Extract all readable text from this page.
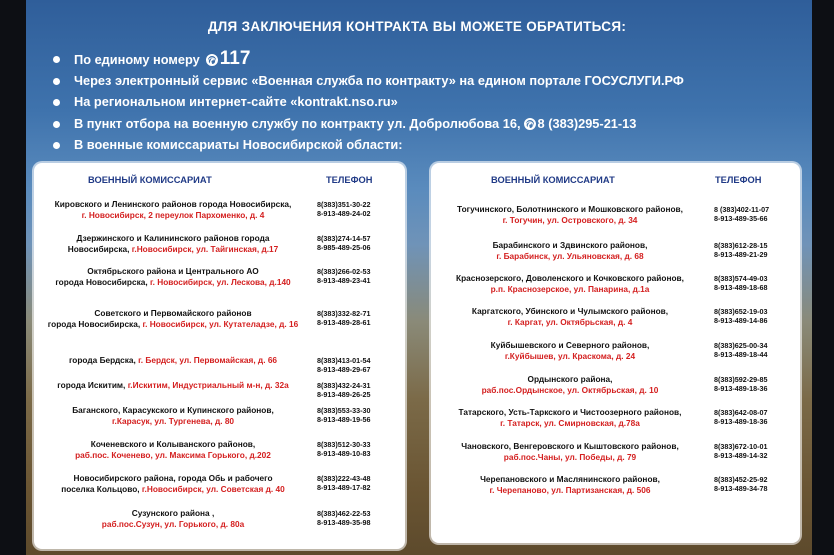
ДЛЯ ЗАКЛЮЧЕНИЯ КОНТРАКТА ВЫ МОЖЕТЕ ОБРАТИТЬСЯ:
По единому номеру ✆ 117
Через электронный сервис «Военная служба по контракту» на едином портале ГОСУСЛУГИ.РФ
На региональном интернет-сайте «kontrakt.nso.ru»
В пункт отбора на военную службу по контракту ул. Добролюбова 16, ✆ 8 (383)295-21-13
В военные комиссариаты Новосибирской области:
ВОЕННЫЙ КОМИССАРИАТ	ТЕЛЕФОН
Кировского и Ленинского районов города Новосибирска,
г. Новосибирск, 2 переулок Пархоменко, д. 4
8(383)351-30-22
8-913-489-24-02
Дзержинского и Калининского районов города
Новосибирска, г.Новосибирск, ул. Тайгинская, д.17
8(383)274-14-57
8-985-489-25-06
Октябрьского района и Центрального АО
города Новосибирска, г. Новосибирск, ул. Лескова, д.140
8(383)266-02-53
8-913-489-23-41
Советского и Первомайского районов
города Новосибирска, г. Новосибирск, ул. Кутателадзе, д. 16
8(383)332-82-71
8-913-489-28-61
города Бердска, г. Бердск, ул. Первомайская, д. 66	8(383)413-01-54
8-913-489-29-67
города Искитим, г.Искитим, Индустриальный м-н, д. 32а	8(383)432-24-31
8-913-489-26-25
Баганского, Карасукского и Купинского районов,
г.Карасук, ул. Тургенева, д. 80
8(383)553-33-30
8-913-489-19-56
Коченевского и Колыванского районов,
раб.пос. Коченево, ул. Максима Горького, д.202
8(383)512-30-33
8-913-489-10-83
Новосибирского района, города Обь и рабочего
поселка Кольцово, г.Новосибирск, ул. Советская д. 40
8(383)222-43-48
8-913-489-17-82
Сузунского района ,
раб.пос.Сузун, ул. Горького, д. 80а
8(383)462-22-53
8-913-489-35-98
ВОЕННЫЙ КОМИССАРИАТ	ТЕЛЕФОН
Тогучинского, Болотнинского и Мошковского районов,
г. Тогучин, ул. Островского, д. 34
8 (383)402-11-07
8-913-489-35-66
Барабинского и Здвинского районов,
г. Барабинск, ул. Ульяновская, д. 68
8(383)612-28-15
8-913-489-21-29
Краснозерского, Доволенского и Кочковского районов,
р.п. Краснозерское, ул. Панарина, д.1а
8(383)574-49-03
8-913-489-18-68
Каргатского, Убинского и Чулымского районов,
г. Каргат, ул. Октябрьская, д. 4
8(383)652-19-03
8-913-489-14-86
Куйбышевского и Северного районов,
г.Куйбышев, ул. Краскома, д. 24
8(383)625-00-34
8-913-489-18-44
Ордынского района,
раб.пос.Ордынское, ул. Октябрьская, д. 10
8(383)592-29-85
8-913-489-18-36
Татарского, Усть-Таркского и Чистоозерного районов,
г. Татарск, ул. Смирновская, д.78а
8(383)642-08-07
8-913-489-18-36
Чановского, Венгеровского и Кыштовского районов,
раб.пос.Чаны, ул. Победы, д. 79
8(383)672-10-01
8-913-489-14-32
Черепановского и Маслянинского районов,
г. Черепаново, ул. Партизанская, д. 506
8(383)452-25-92
8-913-489-34-78
